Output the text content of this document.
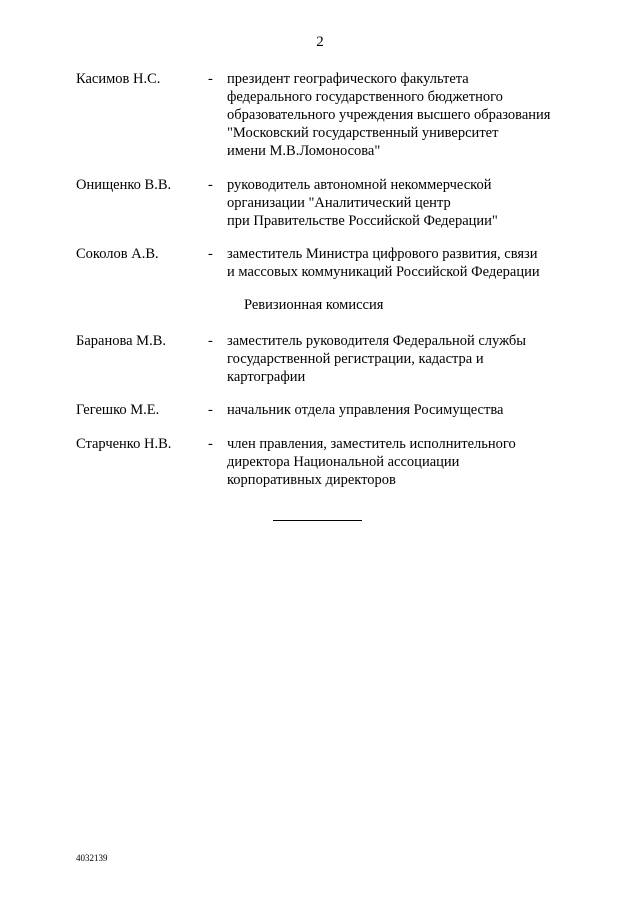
2
Касимов Н.С.	- президент географического факультета
федерального государственного бюджетного
образовательного учреждения высшего образования
"Московский государственный университет
имени М.В.Ломоносова"
Онищенко В.В.	- руководитель автономной некоммерческой
организации "Аналитический центр
при Правительстве Российской Федерации"
Соколов А.В.	- заместитель Министра цифрового развития, связи
и массовых коммуникаций Российской Федерации
Ревизионная комиссия
Баранова М.В.	- заместитель руководителя Федеральной службы
государственной регистрации, кадастра и
картографии
Гегешко М.Е.	- начальник отдела управления Росимущества
Старченко Н.В.	- член правления, заместитель исполнительного
директора Национальной ассоциации
корпоративных директоров
4032139
